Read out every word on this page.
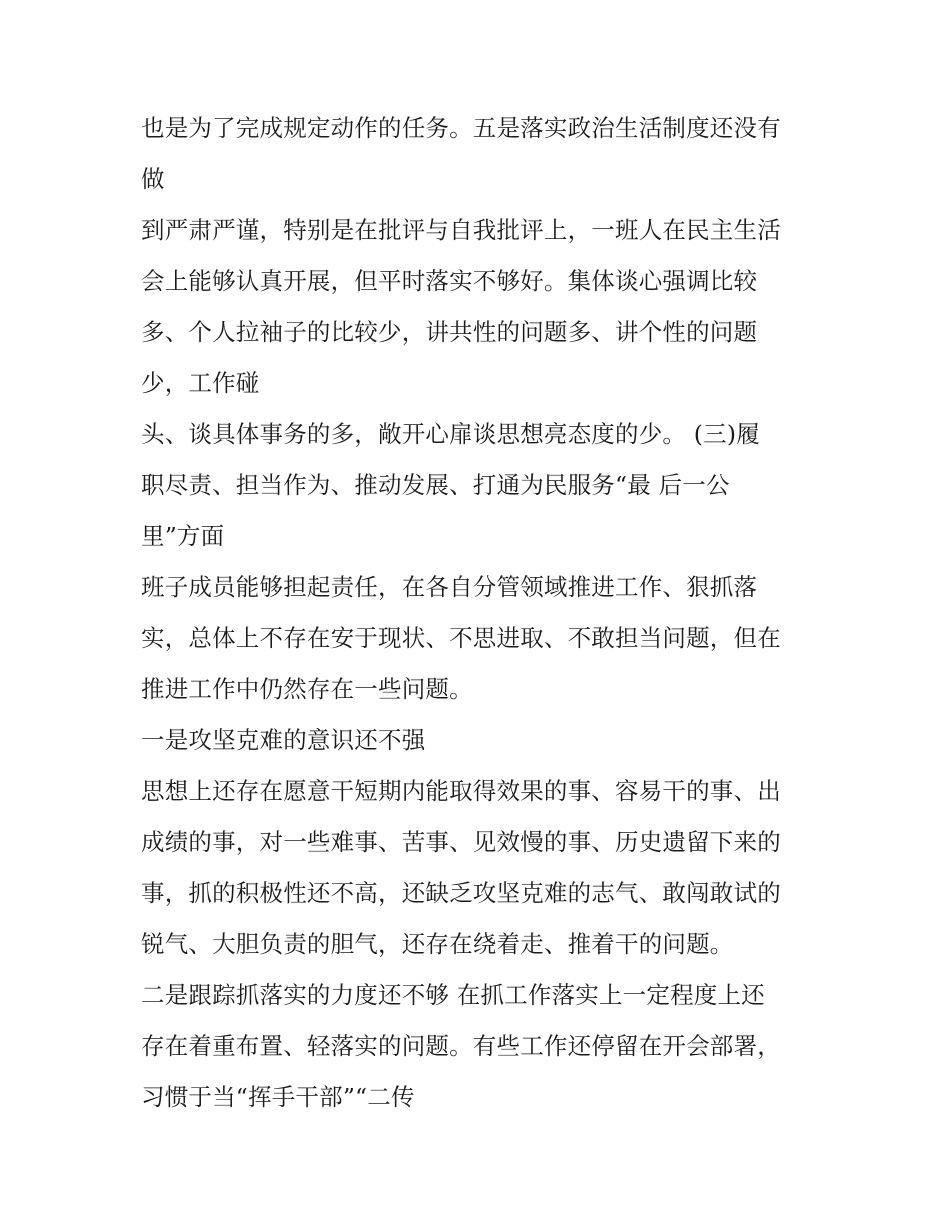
也是为了完成规定动作的任务。五是落实政治生活制度还没有
做
到严肃严谨，特别是在批评与自我批评上，一班人在民主生活
会上能够认真开展，但平时落实不够好。集体谈心强调比较
多、个人拉袖子的比较少，讲共性的问题多、讲个性的问题
少，工作碰
头、谈具体事务的多，敞开心扉谈思想亮态度的少。 (三)履
职尽责、担当作为、推动发展、打通为民服务“最 后一公
里”方面
班子成员能够担起责任，在各自分管领域推进工作、狠抓落
实，总体上不存在安于现状、不思进取、不敢担当问题，但在
推进工作中仍然存在一些问题。
一是攻坚克难的意识还不强
思想上还存在愿意干短期内能取得效果的事、容易干的事、出
成绩的事，对一些难事、苦事、见效慢的事、历史遗留下来的
事，抓的积极性还不高，还缺乏攻坚克难的志气、敢闯敢试的
锐气、大胆负责的胆气，还存在绕着走、推着干的问题。
二是跟踪抓落实的力度还不够 在抓工作落实上一定程度上还
存在着重布置、轻落实的问题。有些工作还停留在开会部署，
习惯于当“挥手干部”“二传
